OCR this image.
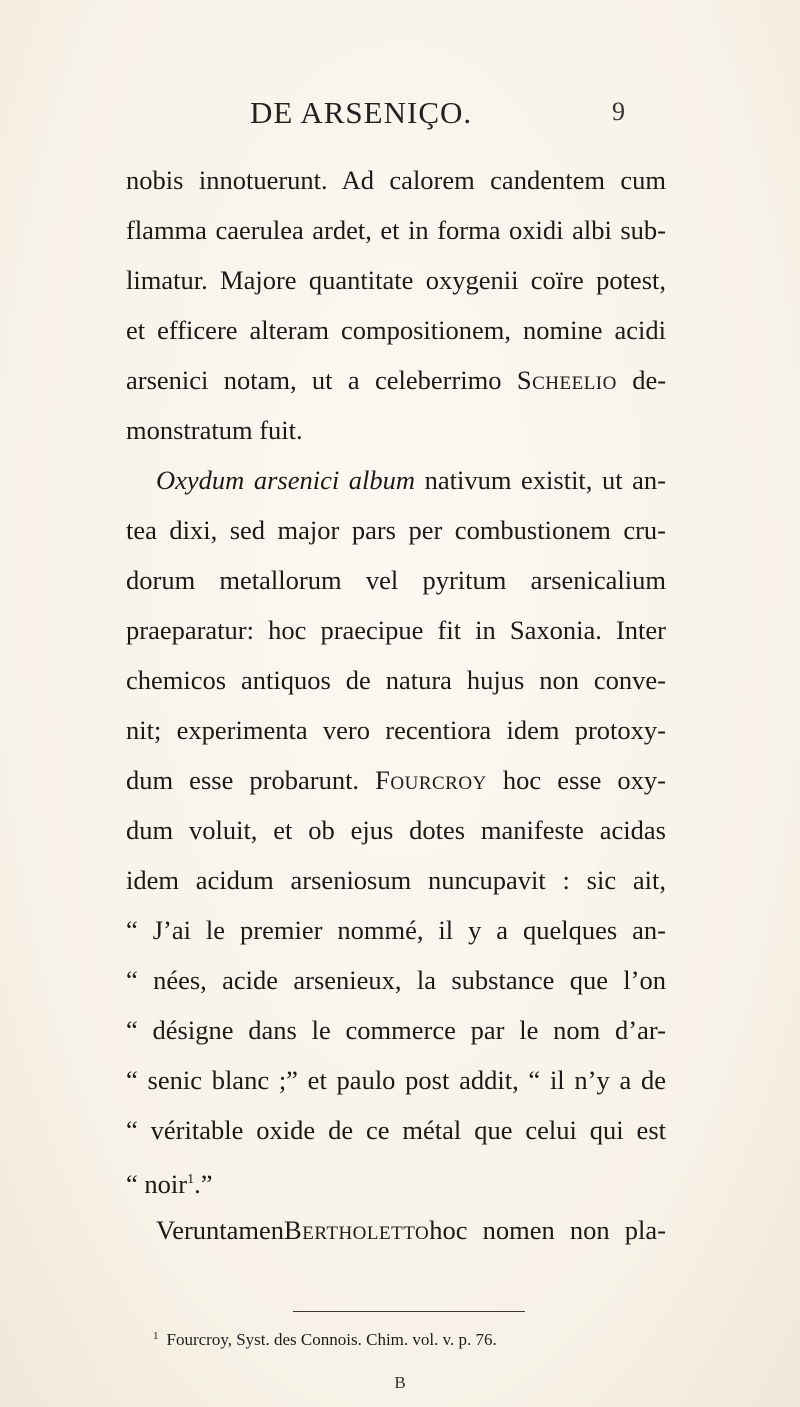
DE ARSENIÇO.	9
nobis innotuerunt. Ad calorem candentem cum
flamma caerulea ardet, et in forma oxidi albi sub-
limatur. Majore quantitate oxygenii coïre potest,
et efficere alteram compositionem, nomine acidi
arsenici notam, ut a celeberrimo Scheelio de-
monstratum fuit.
Oxydum arsenici album nativum existit, ut an-
tea dixi, sed major pars per combustionem cru-
dorum metallorum vel pyritum arsenicalium
praeparatur: hoc praecipue fit in Saxonia. Inter
chemicos antiquos de natura hujus non conve-
nit; experimenta vero recentiora idem protoxy-
dum esse probarunt. Fourcroy hoc esse oxy-
dum voluit, et ob ejus dotes manifeste acidas
idem acidum arseniosum nuncupavit : sic ait,
“ J’ai le premier nommé, il y a quelques an-
“ nées, acide arsenieux, la substance que l’on
“ désigne dans le commerce par le nom d’ar-
“ senic blanc ;” et paulo post addit, “ il n’y a de
“ véritable oxide de ce métal que celui qui est
“ noir$^1$.”
VeruntamenBertholettohoc nomen non pla-
$^1$ Fourcroy, Syst. des Connois. Chim. vol. v. p. 76.
B
